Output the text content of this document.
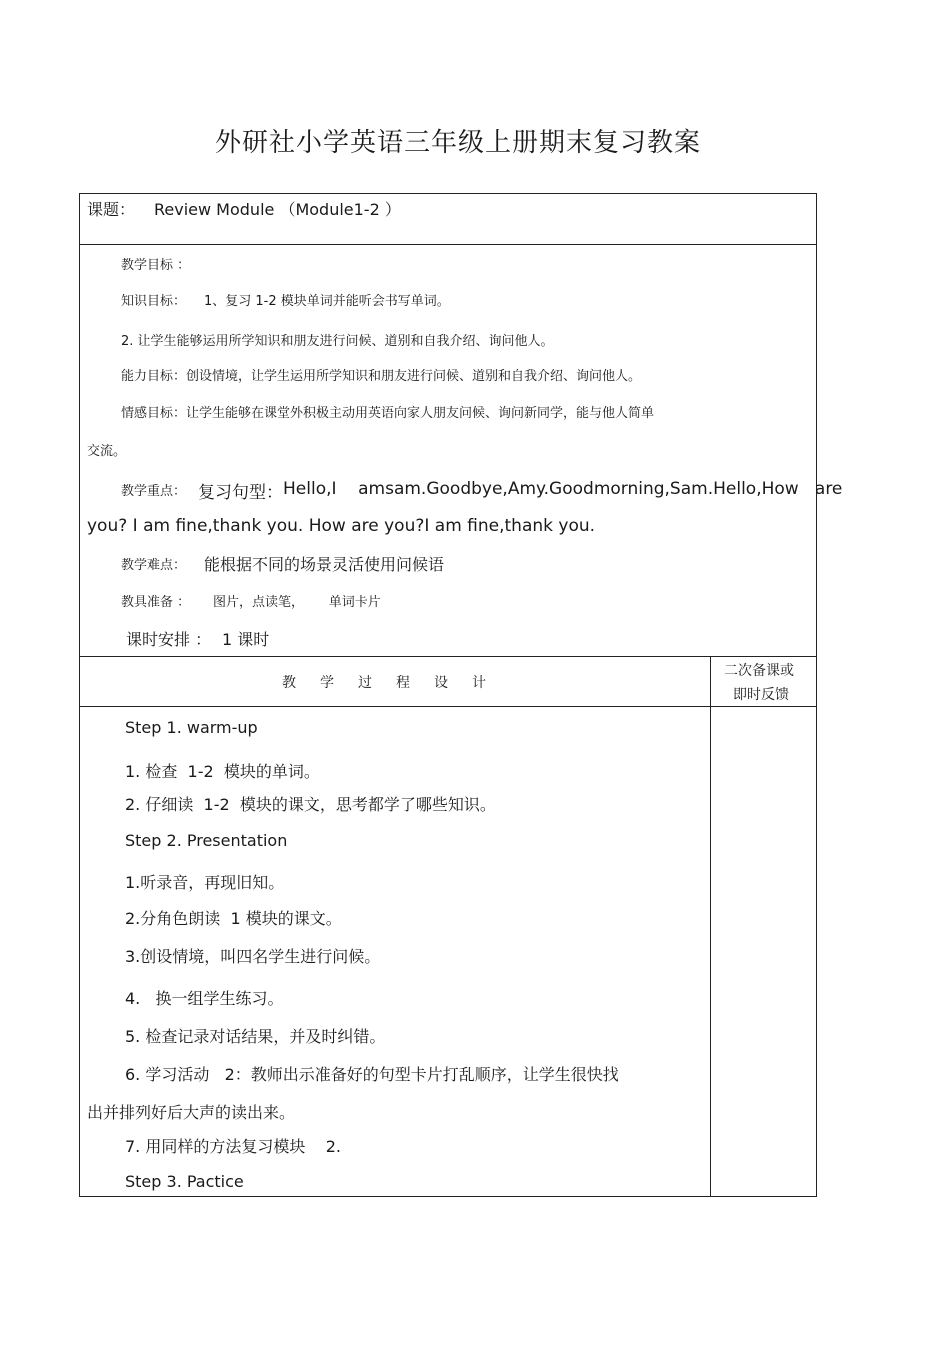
外研社小学英语三年级上册期末复习教案
课题： Review Module （Module1-2 ）
教学目标 ：
知识目标： 1、复习 1-2 模块单词并能听会书写单词。
2. 让学生能够运用所学知识和朋友进行问候、道别和自我介绍、询问他人。
能力目标：创设情境，让学生运用所学知识和朋友进行问候、道别和自我介绍、询问他人。
情感目标：让学生能够在课堂外积极主动用英语向家人朋友问候、询问新同学，能与他人简单
交流。
教学重点： 复习句型： Hello,I    amsam.Goodbye,Amy.Goodmorning,Sam.Hello,How   are
you? I am fine,thank you. How are you?I am fine,thank you.
教学难点： 能根据不同的场景灵活使用问候语
教具准备 ： 图片，点读笔，      单词卡片
课时安排 ： 1 课时
教学过程设计
二次备课或
即时反馈
Step 1. warm-up
1. 检查  1-2  模块的单词。
2. 仔细读  1-2  模块的课文，思考都学了哪些知识。
Step 2. Presentation
1.听录音，再现旧知。
2.分角色朗读  1 模块的课文。
3.创设情境，叫四名学生进行问候。
4.   换一组学生练习。
5. 检查记录对话结果，并及时纠错。
6. 学习活动   2：教师出示准备好的句型卡片打乱顺序，让学生很快找
出并排列好后大声的读出来。
7. 用同样的方法复习模块    2.
Step 3. Pactice
